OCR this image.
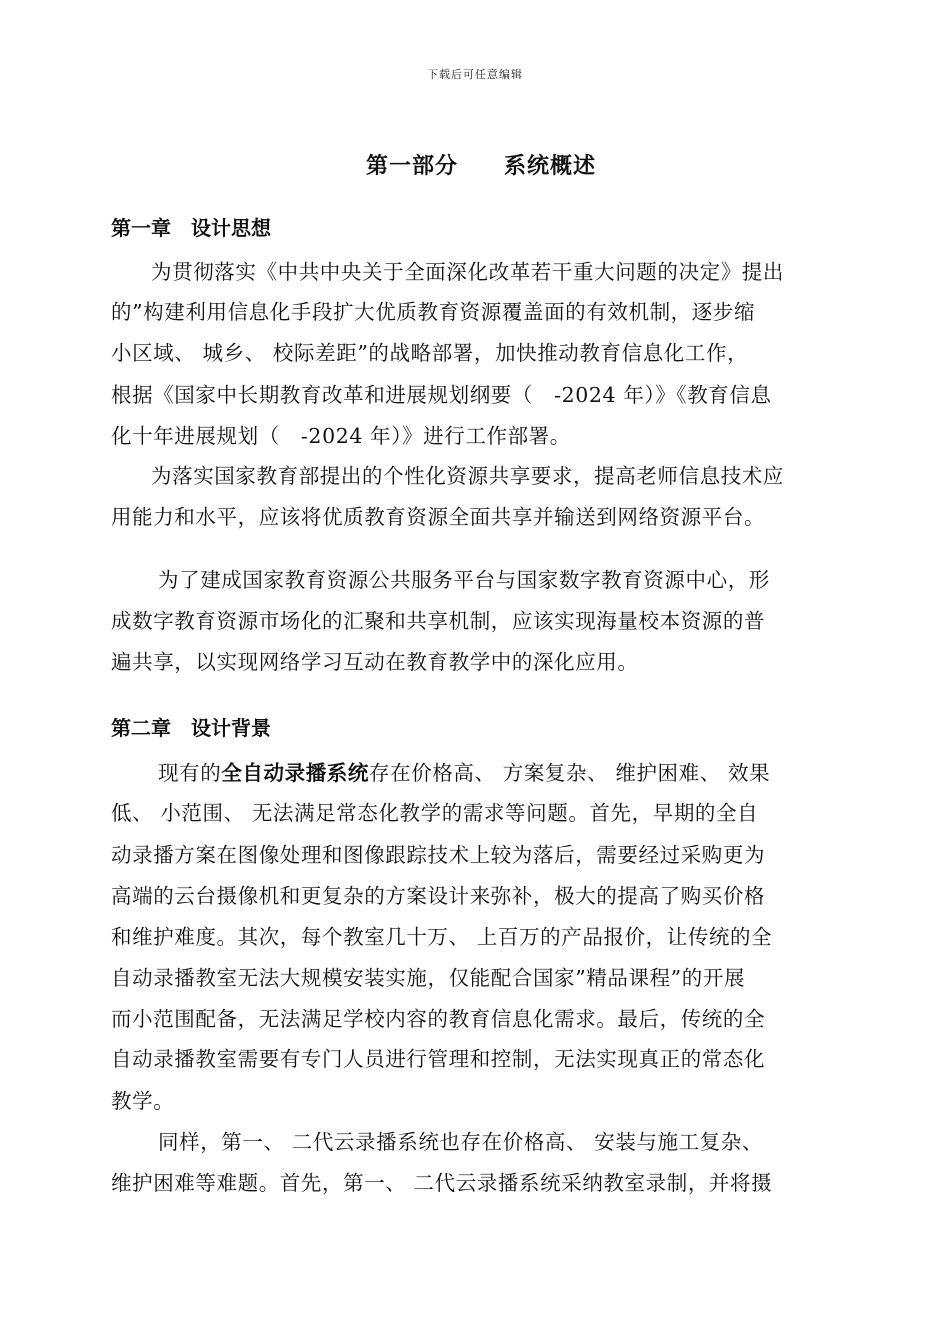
下载后可任意编辑
第一部分　　系统概述
第一章　设计思想
为贯彻落实《中共中央关于全面深化改革若干重大问题的决定》提出
的”构建利用信息化手段扩大优质教育资源覆盖面的有效机制，逐步缩
小区域、 城乡、 校际差距”的战略部署，加快推动教育信息化工作，
根据《国家中长期教育改革和进展规划纲要（　-2024 年）》《教育信息
化十年进展规划（　-2024 年）》进行工作部署。
为落实国家教育部提出的个性化资源共享要求，提高老师信息技术应
用能力和水平，应该将优质教育资源全面共享并输送到网络资源平台。
为了建成国家教育资源公共服务平台与国家数字教育资源中心，形
成数字教育资源市场化的汇聚和共享机制，应该实现海量校本资源的普
遍共享，以实现网络学习互动在教育教学中的深化应用。
第二章　设计背景
现有的全自动录播系统存在价格高、 方案复杂、 维护困难、 效果
低、 小范围、 无法满足常态化教学的需求等问题。首先，早期的全自
动录播方案在图像处理和图像跟踪技术上较为落后，需要经过采购更为
高端的云台摄像机和更复杂的方案设计来弥补，极大的提高了购买价格
和维护难度。其次，每个教室几十万、 上百万的产品报价，让传统的全
自动录播教室无法大规模安装实施，仅能配合国家”精品课程”的开展
而小范围配备，无法满足学校内容的教育信息化需求。最后，传统的全
自动录播教室需要有专门人员进行管理和控制，无法实现真正的常态化
教学。
同样，第一、 二代云录播系统也存在价格高、 安装与施工复杂、
维护困难等难题。首先，第一、 二代云录播系统采纳教室录制，并将摄
